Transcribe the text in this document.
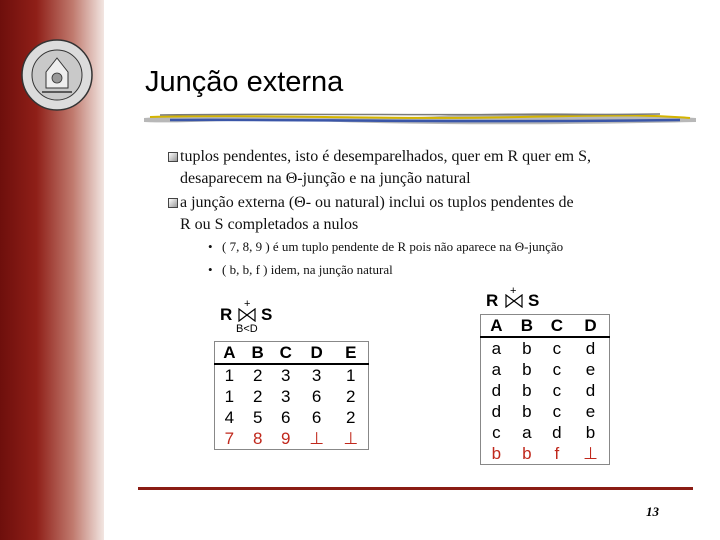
Junção externa
tuplos pendentes, isto é desemparelhados, quer em R quer em S,
desaparecem na Θ-junção e na junção natural
a junção externa (Θ- ou natural) inclui os tuplos pendentes de
R ou S completados a nulos
• ( 7, 8, 9 ) é um tuplo pendente de R pois não aparece na Θ-junção
• ( b, b, f ) idem, na junção natural
R
+
S
B<D
A	B	C	D	E
1	2	3	3	1
1	2	3	6	2
4	5	6	6	2
7	8	9	⊥	⊥
R + S
A	B	C	D
a	b	c	d
a	b	c	e
d	b	c	d
d	b	c	e
c	a	d	b
b	b	f	⊥
13
